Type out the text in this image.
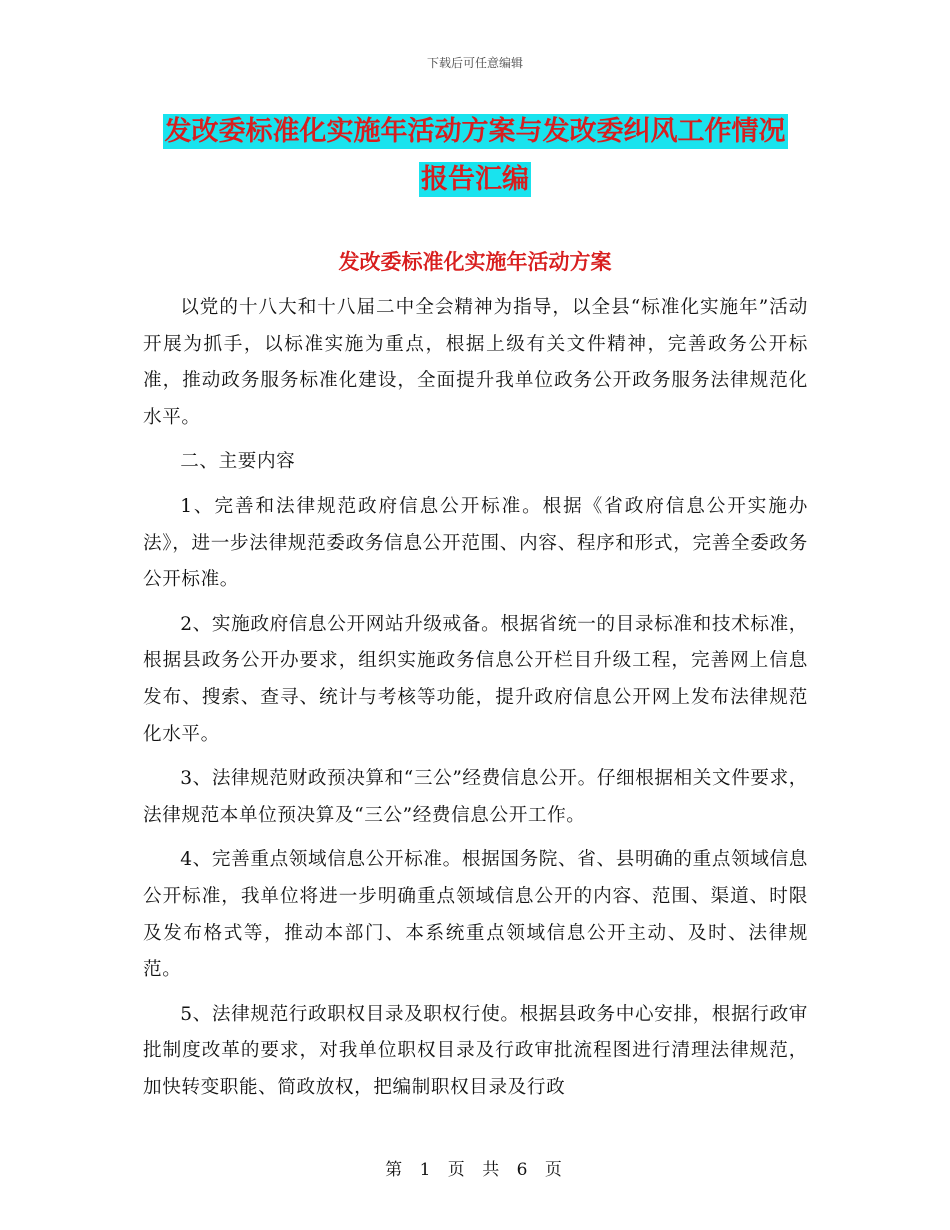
下载后可任意编辑
发改委标准化实施年活动方案与发改委纠风工作情况
报告汇编
发改委标准化实施年活动方案

以党的十八大和十八届二中全会精神为指导，以全县“标准化实施年”活动开展为抓手，以标准实施为重点，根据上级有关文件精神，完善政务公开标准，推动政务服务标准化建设，全面提升我单位政务公开政务服务法律规范化水平。

二、主要内容

1、完善和法律规范政府信息公开标准。根据《省政府信息公开实施办法》，进一步法律规范委政务信息公开范围、内容、程序和形式，完善全委政务公开标准。

2、实施政府信息公开网站升级戒备。根据省统一的目录标准和技术标准，根据县政务公开办要求，组织实施政务信息公开栏目升级工程，完善网上信息发布、搜索、查寻、统计与考核等功能，提升政府信息公开网上发布法律规范化水平。

3、法律规范财政预决算和“三公”经费信息公开。仔细根据相关文件要求，法律规范本单位预决算及“三公”经费信息公开工作。

4、完善重点领域信息公开标准。根据国务院、省、县明确的重点领域信息公开标准，我单位将进一步明确重点领域信息公开的内容、范围、渠道、时限及发布格式等，推动本部门、本系统重点领域信息公开主动、及时、法律规范。

5、法律规范行政职权目录及职权行使。根据县政务中心安排，根据行政审批制度改革的要求，对我单位职权目录及行政审批流程图进行清理法律规范，加快转变职能、简政放权，把编制职权目录及行政

第 1 页 共 6 页
